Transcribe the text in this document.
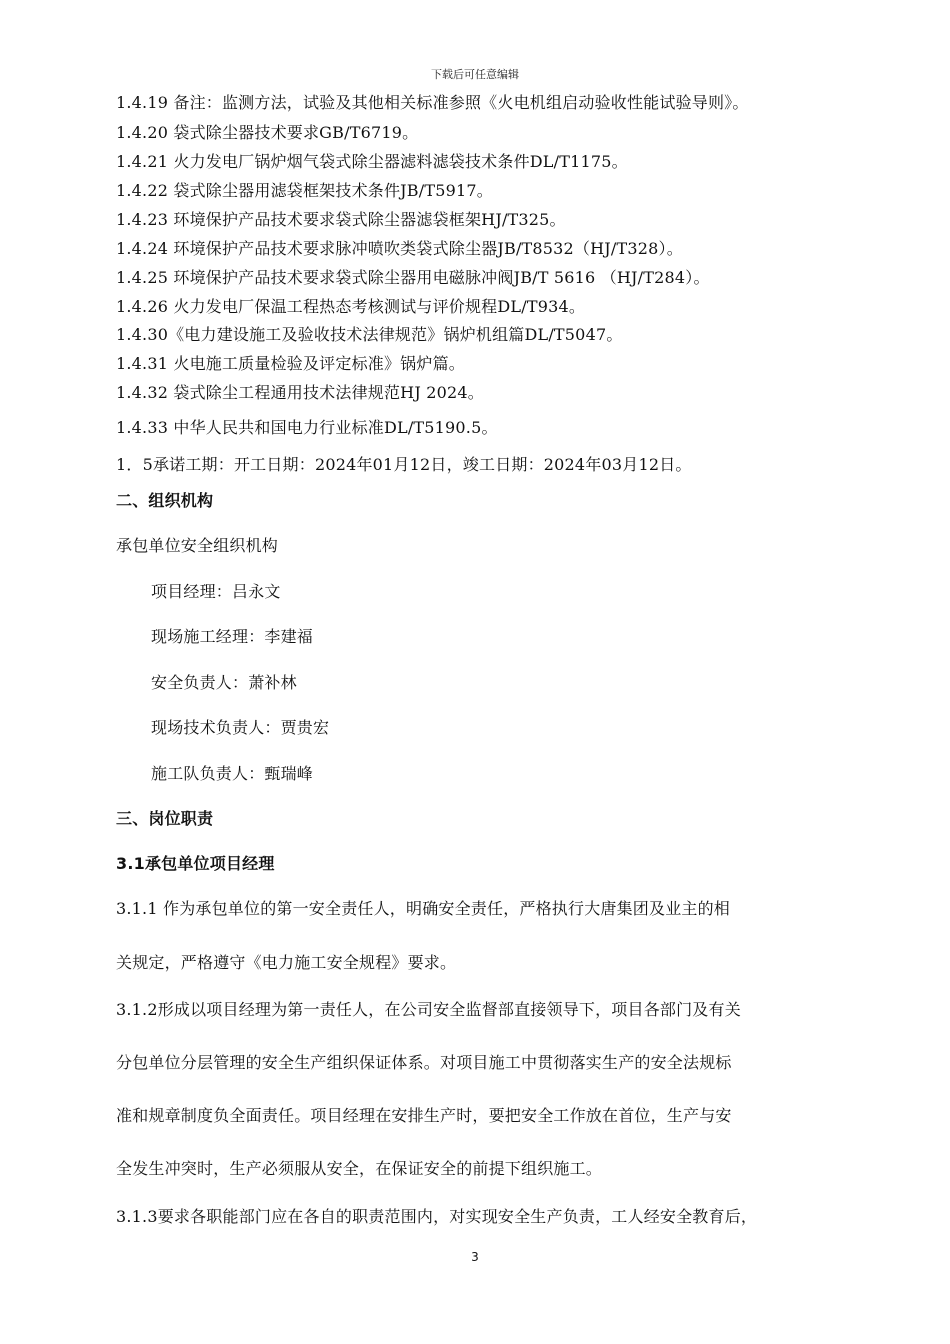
下载后可任意编辑
1.4.19 备注：监测方法，试验及其他相关标准参照《火电机组启动验收性能试验导则》。
1.4.20 袋式除尘器技术要求GB/T6719。
1.4.21 火力发电厂锅炉烟气袋式除尘器滤料滤袋技术条件DL/T1175。
1.4.22 袋式除尘器用滤袋框架技术条件JB/T5917。
1.4.23 环境保护产品技术要求袋式除尘器滤袋框架HJ/T325。
1.4.24 环境保护产品技术要求脉冲喷吹类袋式除尘器JB/T8532（HJ/T328）。
1.4.25 环境保护产品技术要求袋式除尘器用电磁脉冲阀JB/T 5616 （HJ/T284）。
1.4.26 火力发电厂保温工程热态考核测试与评价规程DL/T934。
1.4.30《电力建设施工及验收技术法律规范》锅炉机组篇DL/T5047。
1.4.31 火电施工质量检验及评定标准》锅炉篇。
1.4.32 袋式除尘工程通用技术法律规范HJ 2024。
1.4.33 中华人民共和国电力行业标准DL/T5190.5。
1．5承诺工期：开工日期：2024年01月12日，竣工日期：2024年03月12日。
二、组织机构
承包单位安全组织机构
项目经理：吕永文
现场施工经理：李建福
安全负责人：萧补林
现场技术负责人：贾贵宏
施工队负责人：甄瑞峰
三、岗位职责
3.1承包单位项目经理
3.1.1 作为承包单位的第一安全责任人，明确安全责任，严格执行大唐集团及业主的相
关规定，严格遵守《电力施工安全规程》要求。
3.1.2形成以项目经理为第一责任人，在公司安全监督部直接领导下，项目各部门及有关
分包单位分层管理的安全生产组织保证体系。对项目施工中贯彻落实生产的安全法规标
准和规章制度负全面责任。项目经理在安排生产时，要把安全工作放在首位，生产与安
全发生冲突时，生产必须服从安全，在保证安全的前提下组织施工。
3.1.3要求各职能部门应在各自的职责范围内，对实现安全生产负责，工人经安全教育后，
3
